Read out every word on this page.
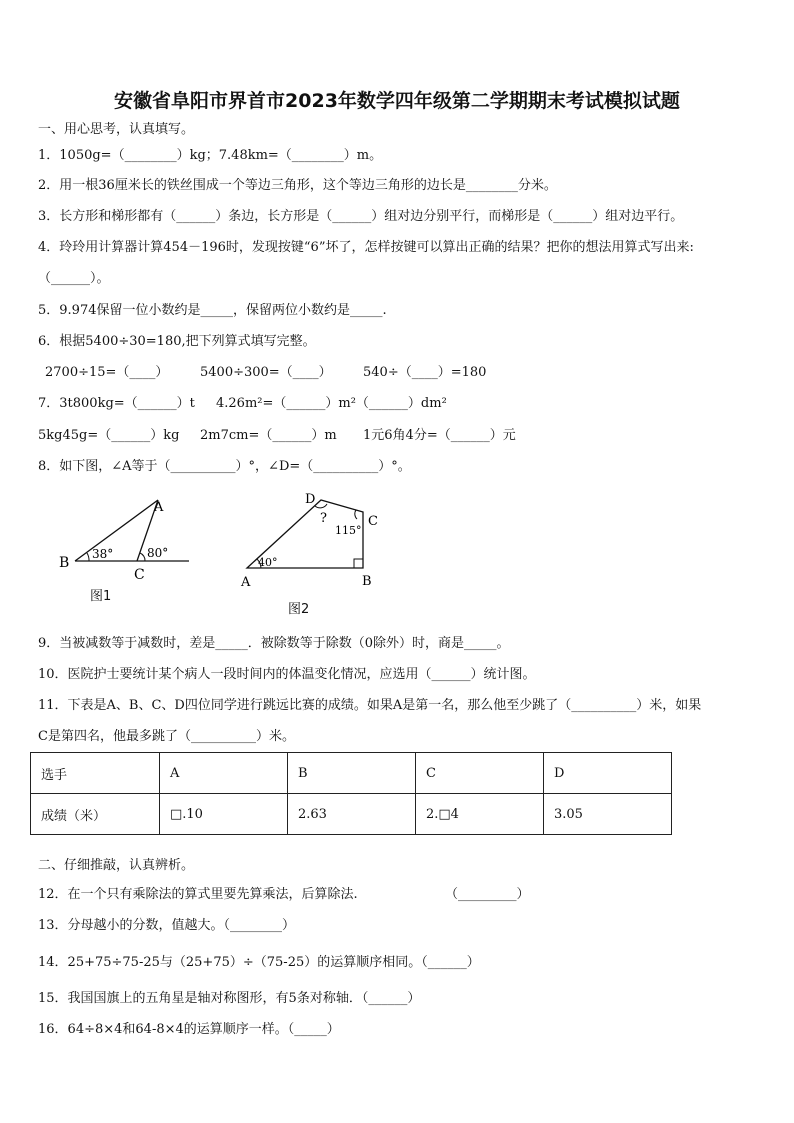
安徽省阜阳市界首市2023年数学四年级第二学期期末考试模拟试题
一、用心思考，认真填写。
1．1050g=（________）kg；7.48km=（________）m。
2．用一根36厘米长的铁丝围成一个等边三角形，这个等边三角形的边长是________分米。
3．长方形和梯形都有（______）条边，长方形是（______）组对边分别平行，而梯形是（______）组对边平行。
4．玲玲用计算器计算454－196时，发现按键“6”坏了，怎样按键可以算出正确的结果？把你的想法用算式写出来:
（______）。
5．9.974保留一位小数约是_____，保留两位小数约是_____.
6．根据5400÷30=180,把下列算式填写完整。
2700÷15=（____） 5400÷300=（____） 540÷（____）=180
7．3t800kg=（______）t 4.26m²=（______）m²（______）dm²
5kg45g=（______）kg 2m7cm=（______）m 1元6角4分=（______）元
8．如下图，∠A等于（__________）°，∠D=（__________）°。
B
A
C
38°	80°
图1
A	B
C
D
40°
115°
?
图2
9．当被减数等于减数时，差是_____．被除数等于除数（0除外）时，商是_____。
10．医院护士要统计某个病人一段时间内的体温变化情况，应选用（______）统计图。
11．下表是A、B、C、D四位同学进行跳远比赛的成绩。如果A是第一名，那么他至少跳了（__________）米，如果
C是第四名，他最多跳了（__________）米。
选手	A	B	C	D
成绩（米）	□.10	2.63	2.□4	3.05
二、仔细推敲，认真辨析。
12．在一个只有乘除法的算式里要先算乘法，后算除法.	（_________）
13．分母越小的分数，值越大。（________）
14．25+75÷75-25与（25+75）÷（75-25）的运算顺序相同。（______）
15．我国国旗上的五角星是轴对称图形，有5条对称轴．（______）
16．64÷8×4和64-8×4的运算顺序一样。（_____）
